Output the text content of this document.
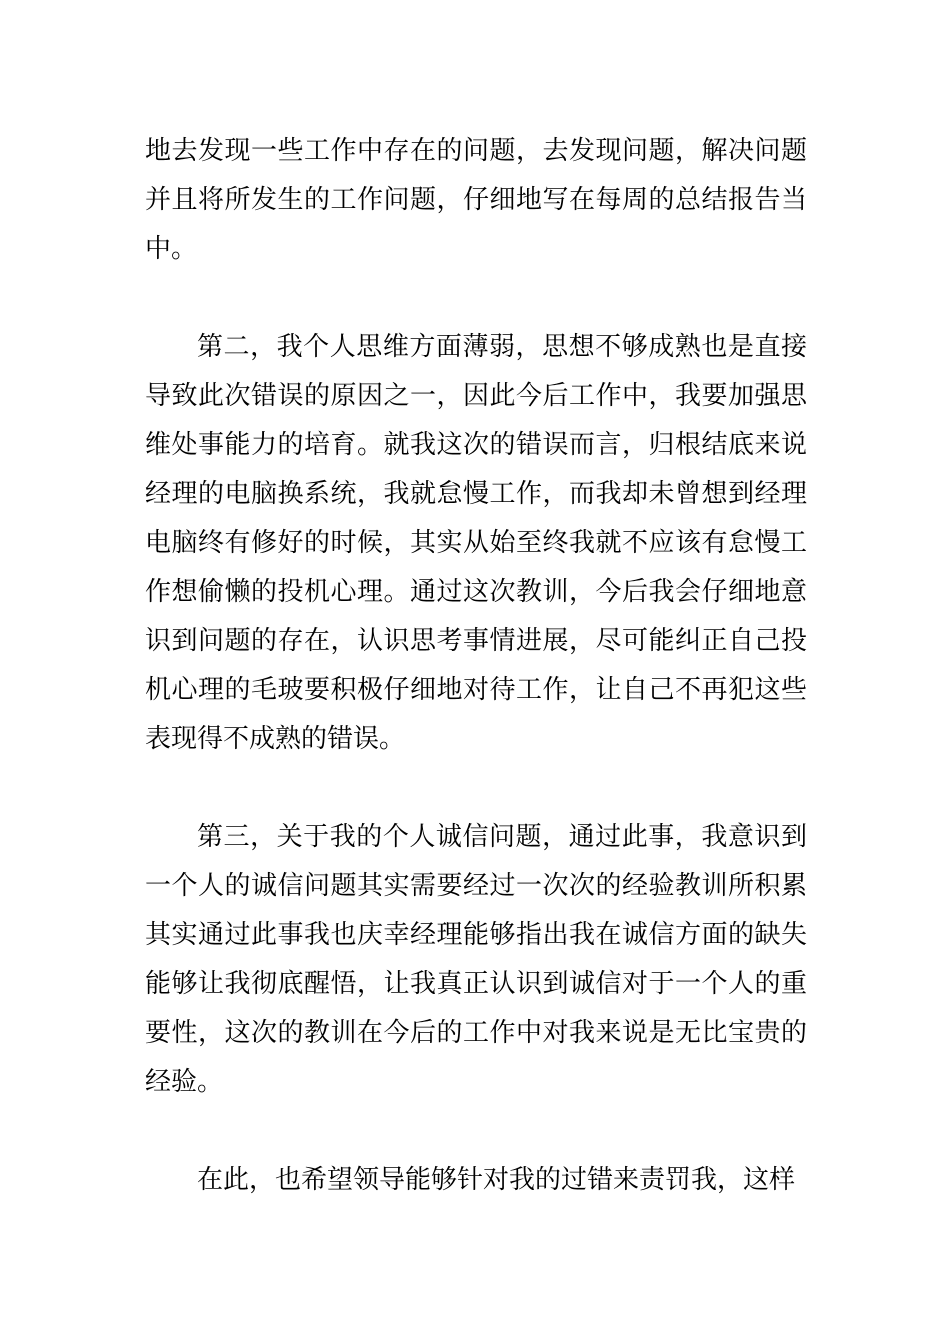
地去发现一些工作中存在的问题，去发现问题，解决问题并且将所发生的工作问题，仔细地写在每周的总结报告当中。

第二，我个人思维方面薄弱，思想不够成熟也是直接导致此次错误的原因之一，因此今后工作中，我要加强思维处事能力的培育。就我这次的错误而言，归根结底来说经理的电脑换系统，我就怠慢工作，而我却未曾想到经理电脑终有修好的时候，其实从始至终我就不应该有怠慢工作想偷懒的投机心理。通过这次教训，今后我会仔细地意识到问题的存在，认识思考事情进展，尽可能纠正自己投机心理的毛玻要积极仔细地对待工作，让自己不再犯这些表现得不成熟的错误。

第三，关于我的个人诚信问题，通过此事，我意识到一个人的诚信问题其实需要经过一次次的经验教训所积累其实通过此事我也庆幸经理能够指出我在诚信方面的缺失能够让我彻底醒悟，让我真正认识到诚信对于一个人的重要性，这次的教训在今后的工作中对我来说是无比宝贵的经验。

在此，也希望领导能够针对我的过错来责罚我，这样
